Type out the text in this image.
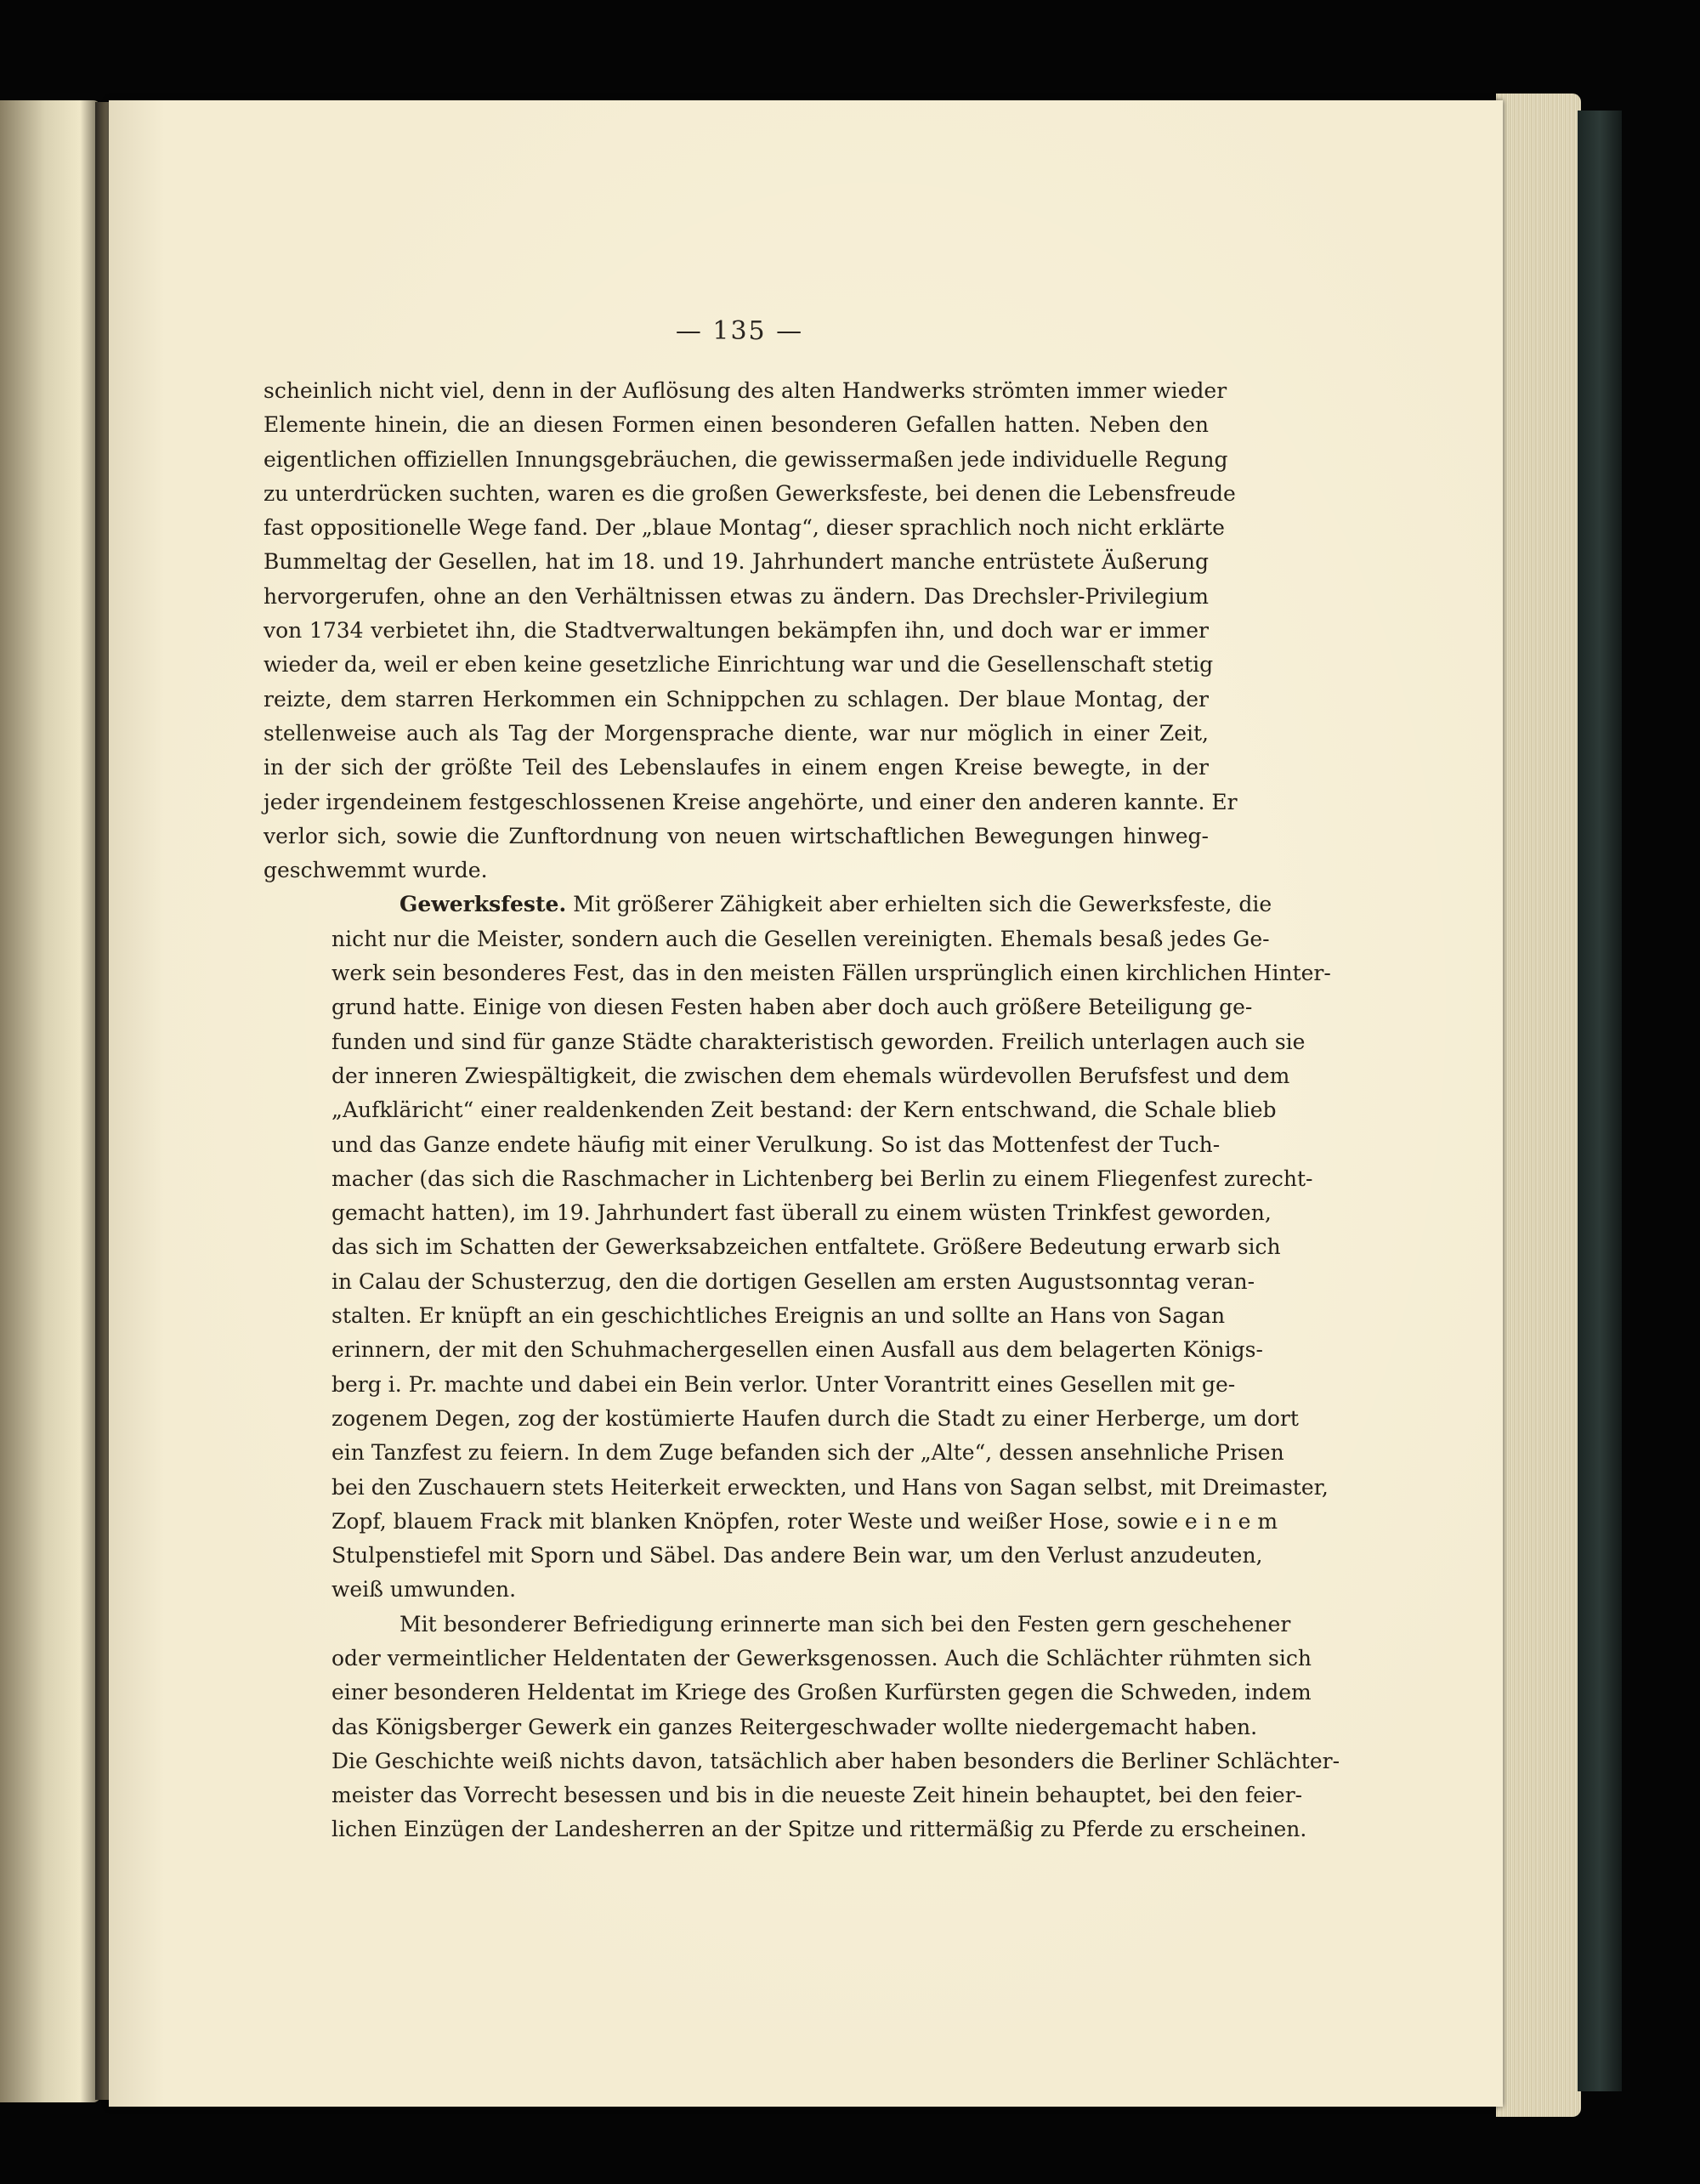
— 135 —
scheinlich nicht viel, denn in der Auflösung des alten Handwerks strömten immer wieder
Elemente hinein, die an diesen Formen einen besonderen Gefallen hatten. Neben den
eigentlichen offiziellen Innungsgebräuchen, die gewissermaßen jede individuelle Regung
zu unterdrücken suchten, waren es die großen Gewerksfeste, bei denen die Lebensfreude
fast oppositionelle Wege fand. Der „blaue Montag“, dieser sprachlich noch nicht erklärte
Bummeltag der Gesellen, hat im 18. und 19. Jahrhundert manche entrüstete Äußerung
hervorgerufen, ohne an den Verhältnissen etwas zu ändern. Das Drechsler-Privilegium
von 1734 verbietet ihn, die Stadtverwaltungen bekämpfen ihn, und doch war er immer
wieder da, weil er eben keine gesetzliche Einrichtung war und die Gesellenschaft stetig
reizte, dem starren Herkommen ein Schnippchen zu schlagen. Der blaue Montag, der
stellenweise auch als Tag der Morgensprache diente, war nur möglich in einer Zeit,
in der sich der größte Teil des Lebenslaufes in einem engen Kreise bewegte, in der
jeder irgendeinem festgeschlossenen Kreise angehörte, und einer den anderen kannte. Er
verlor sich, sowie die Zunftordnung von neuen wirtschaftlichen Bewegungen hinweg-
geschwemmt wurde.
Gewerksfeste. Mit größerer Zähigkeit aber erhielten sich die Gewerksfeste, die
nicht nur die Meister, sondern auch die Gesellen vereinigten. Ehemals besaß jedes Ge-
werk sein besonderes Fest, das in den meisten Fällen ursprünglich einen kirchlichen Hinter-
grund hatte. Einige von diesen Festen haben aber doch auch größere Beteiligung ge-
funden und sind für ganze Städte charakteristisch geworden. Freilich unterlagen auch sie
der inneren Zwiespältigkeit, die zwischen dem ehemals würdevollen Berufsfest und dem
„Aufkläricht“ einer realdenkenden Zeit bestand: der Kern entschwand, die Schale blieb
und das Ganze endete häufig mit einer Verulkung. So ist das Mottenfest der Tuch-
macher (das sich die Raschmacher in Lichtenberg bei Berlin zu einem Fliegenfest zurecht-
gemacht hatten), im 19. Jahrhundert fast überall zu einem wüsten Trinkfest geworden,
das sich im Schatten der Gewerksabzeichen entfaltete. Größere Bedeutung erwarb sich
in Calau der Schusterzug, den die dortigen Gesellen am ersten Augustsonntag veran-
stalten. Er knüpft an ein geschichtliches Ereignis an und sollte an Hans von Sagan
erinnern, der mit den Schuhmachergesellen einen Ausfall aus dem belagerten Königs-
berg i. Pr. machte und dabei ein Bein verlor. Unter Vorantritt eines Gesellen mit ge-
zogenem Degen, zog der kostümierte Haufen durch die Stadt zu einer Herberge, um dort
ein Tanzfest zu feiern. In dem Zuge befanden sich der „Alte“, dessen ansehnliche Prisen
bei den Zuschauern stets Heiterkeit erweckten, und Hans von Sagan selbst, mit Dreimaster,
Zopf, blauem Frack mit blanken Knöpfen, roter Weste und weißer Hose, sowie e i n e m
Stulpenstiefel mit Sporn und Säbel. Das andere Bein war, um den Verlust anzudeuten,
weiß umwunden.
Mit besonderer Befriedigung erinnerte man sich bei den Festen gern geschehener
oder vermeintlicher Heldentaten der Gewerksgenossen. Auch die Schlächter rühmten sich
einer besonderen Heldentat im Kriege des Großen Kurfürsten gegen die Schweden, indem
das Königsberger Gewerk ein ganzes Reitergeschwader wollte niedergemacht haben.
Die Geschichte weiß nichts davon, tatsächlich aber haben besonders die Berliner Schlächter-
meister das Vorrecht besessen und bis in die neueste Zeit hinein behauptet, bei den feier-
lichen Einzügen der Landesherren an der Spitze und rittermäßig zu Pferde zu erscheinen.
